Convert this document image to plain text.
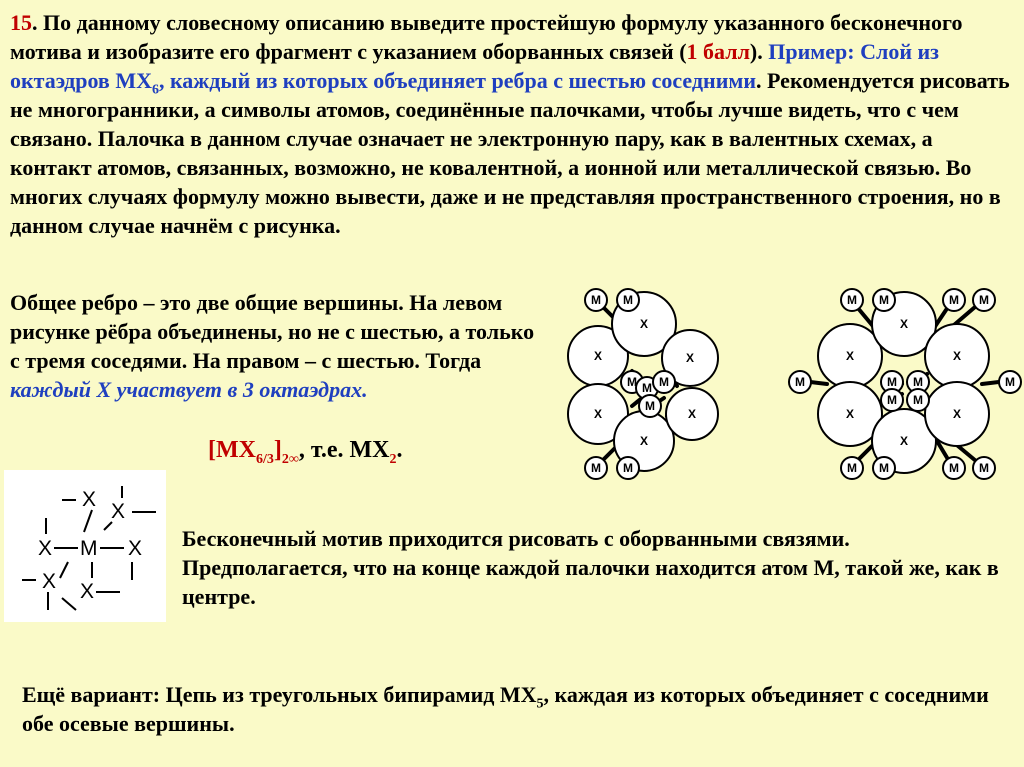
15. По данному словесному описанию выведите простейшую формулу указанного бесконечного мотива и изобразите его фрагмент с указанием оборванных связей (1 балл). Пример: Слой из октаэдров $MX_6$, каждый из которых объединяет ребра с шестью соседними. Рекомендуется рисовать не многогранники, а символы атомов, соединённые палочками, чтобы лучше видеть, что с чем связано. Палочка в данном случае означает не электронную пару, как в валентных схемах, а контакт атомов, связанных, возможно, не ковалентной, а ионной или металлической связью. Во многих случаях формулу можно вывести, даже и не представляя пространственного строения, но в данном случае начнём с рисунка.

Общее ребро – это две общие вершины. На левом рисунке рёбра объединены, но не с шестью, а только с тремя соседями. На правом – с шестью. Тогда каждый X участвует в 3 октаэдрах.

$[MX_{6/3}]_{2\infty}$, т.е. $MX_2$.

X
X
X
X
X
X
X
X
X
X
X
X
M M
M M
M M
M
M
M M	M M
M M	M M
M	M
M M
M M
X
X
X M X
X X

Бесконечный мотив приходится рисовать с оборванными связями. Предполагается, что на конце каждой палочки находится атом M, такой же, как в центре.

Ещё вариант: Цепь из треугольных бипирамид $MX_5$, каждая из которых объединяет с соседними обе осевые вершины.
